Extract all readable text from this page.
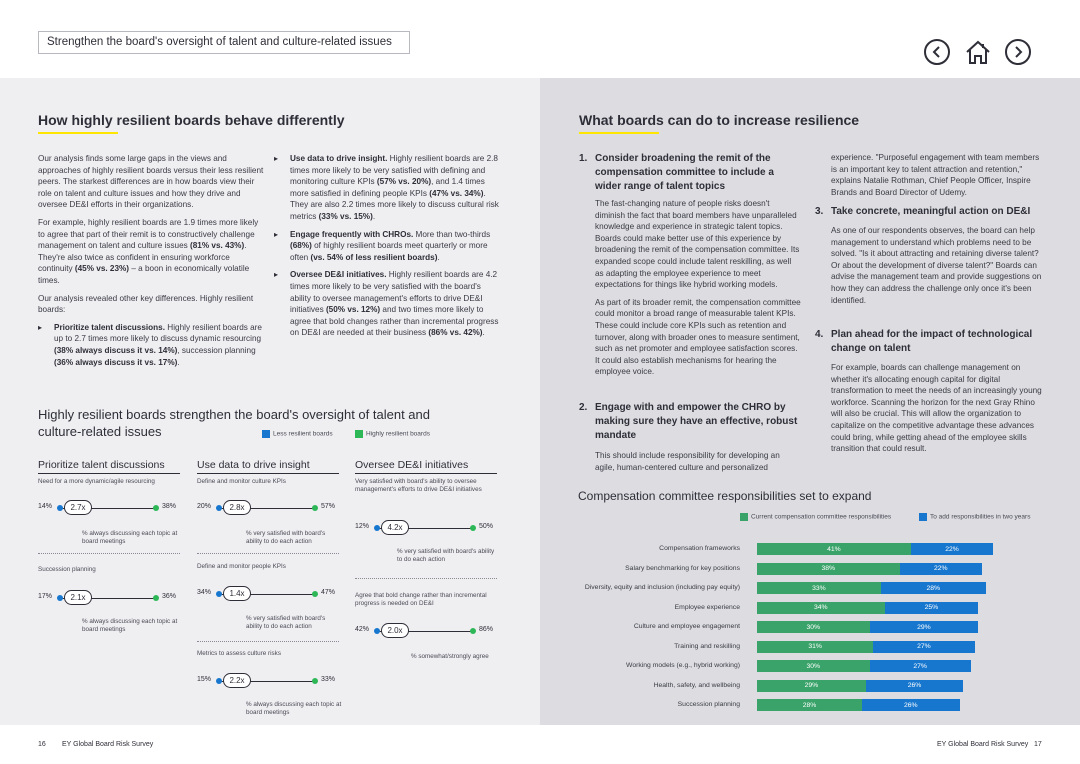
Strengthen the board's oversight of talent and culture-related issues
How highly resilient boards behave differently

Our analysis finds some large gaps in the views and approaches of highly resilient boards versus their less resilient peers. The starkest differences are in how boards view their role on talent and culture issues and how they drive and oversee DE&I efforts in their organizations.

For example, highly resilient boards are 1.9 times more likely to agree that part of their remit is to constructively challenge management on talent and culture issues (81% vs. 43%). They're also twice as confident in ensuring workforce continuity (45% vs. 23%) – a boon in economically volatile times.

Our analysis revealed other key differences. Highly resilient boards:

▸ Prioritize talent discussions. Highly resilient boards are up to 2.7 times more likely to discuss dynamic resourcing (38% always discuss it vs. 14%), succession planning (36% always discuss it vs. 17%).

▸ Use data to drive insight. Highly resilient boards are 2.8 times more likely to be very satisfied with defining and monitoring culture KPIs (57% vs. 20%), and 1.4 times more satisfied in defining people KPIs (47% vs. 34%). They are also 2.2 times more likely to discuss cultural risk metrics (33% vs. 15%).

▸ Engage frequently with CHROs. More than two-thirds (68%) of highly resilient boards meet quarterly or more often (vs. 54% of less resilient boards).

▸ Oversee DE&I initiatives. Highly resilient boards are 4.2 times more likely to be very satisfied with the board's ability to oversee management's efforts to drive DE&I initiatives (50% vs. 12%) and two times more likely to agree that bold changes rather than incremental progress on DE&I are needed at their business (86% vs. 42%).

Highly resilient boards strengthen the board's oversight of talent and culture-related issues	Less resilient boards	Highly resilient boards
Prioritize talent discussions
Need for a more dynamic/agile resourcing
% always discussing each topic at board meetings
Succession planning
% always discussing each topic at board meetings
Use data to drive insight
Define and monitor culture KPIs
% very satisfied with board's ability to do each action
Define and monitor people KPIs
% very satisfied with board's ability to do each action
Metrics to assess culture risks
% always discussing each topic at board meetings
Oversee DE&I initiatives
Very satisfied with board's ability to oversee management's efforts to drive DE&I initiatives
% very satisfied with board's ability to do each action
Agree that bold change rather than incremental progress is needed on DE&I
% somewhat/strongly agree
What boards can do to increase resilience
1. Consider broadening the remit of the compensation committee to include a wider range of talent topics

The fast-changing nature of people risks doesn't diminish the fact that board members have unparalleled knowledge and experience in strategic talent topics. Boards could make better use of this experience by broadening the remit of the compensation committee. Its expanded scope could include talent reskilling, as well as adapting the employee experience to meet expectations for things like hybrid working models.

As part of its broader remit, the compensation committee could monitor a broad range of measurable talent KPIs. These could include core KPIs such as retention and turnover, along with broader ones to measure sentiment, such as net promoter and employee satisfaction scores. It could also establish mechanisms for hearing the employee voice.

2. Engage with and empower the CHRO by making sure they have an effective, robust mandate
This should include responsibility for developing an agile, human-centered culture and personalized

experience. "Purposeful engagement with team members is an important key to talent attraction and retention," explains Natalie Rothman, Chief People Officer, Inspire Brands and Board Director of Udemy.

3. Take concrete, meaningful action on DE&I

As one of our respondents observes, the board can help management to understand which problems need to be solved. "Is it about attracting and retaining diverse talent? Or about the development of diverse talent?" Boards can advise the management team and provide suggestions on how they can address the challenge only once it's been identified.

4. Plan ahead for the impact of technological change on talent

For example, boards can challenge management on whether it's allocating enough capital for digital transformation to meet the needs of an increasingly young workforce. Scanning the horizon for the next Gray Rhino will also be crucial. This will allow the organization to capitalize on the competitive advantage these advances could bring, while getting ahead of the employee skills transition that could result.

Compensation committee responsibilities set to expand
Current compensation committee responsibilities	To add responsibilities in two years
Compensation frameworks	41%	22%
Salary benchmarking for key positions	38%	22%
Diversity, equity and inclusion (including pay equity)	33%	28%
Employee experience	34%	25%
Culture and employee engagement	30%	29%
Training and reskilling	31%	27%
Working models (e.g., hybrid working)	30%	27%
Health, safety, and wellbeing	29%	26%
Succession planning	28%	26%
16 EY Global Board Risk Survey	EY Global Board Risk Survey 17
14%	38%
2.7x
17%	36%
2.1x
20%	57%
2.8x
34%	47%
1.4x
15%	33%
2.2x
12%	50%
4.2x
42%	86%
2.0x
